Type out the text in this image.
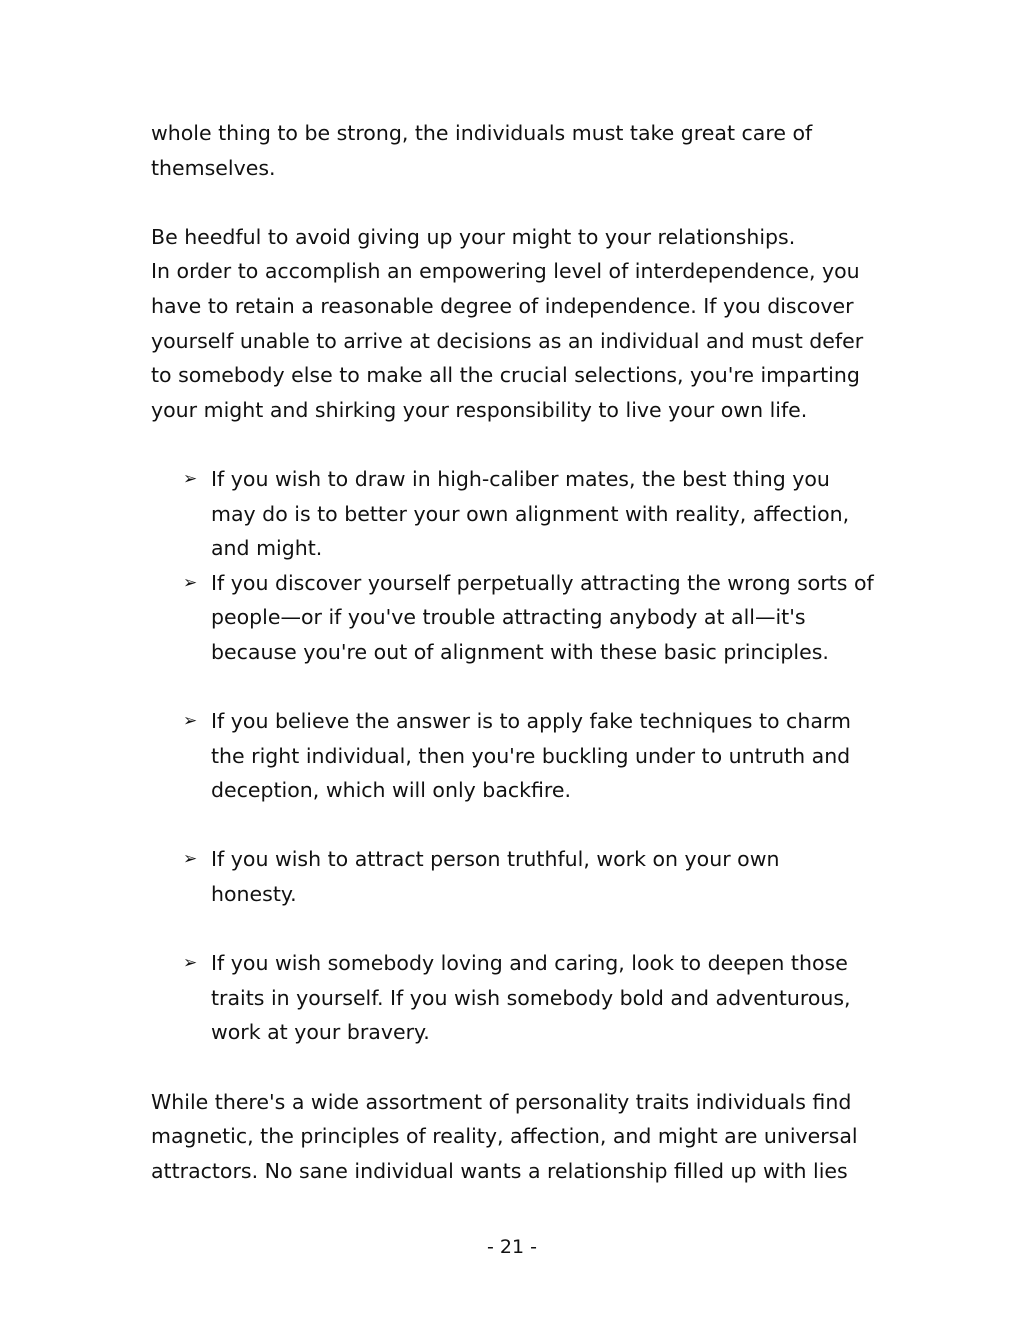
whole thing to be strong, the individuals must take great care of
themselves.

Be heedful to avoid giving up your might to your relationships.
In order to accomplish an empowering level of interdependence, you
have to retain a reasonable degree of independence. If you discover
yourself unable to arrive at decisions as an individual and must defer
to somebody else to make all the crucial selections, you're imparting
your might and shirking your responsibility to live your own life.

➢ If you wish to draw in high-caliber mates, the best thing you
may do is to better your own alignment with reality, affection,
and might.
➢ If you discover yourself perpetually attracting the wrong sorts of
people—or if you've trouble attracting anybody at all—it's
because you're out of alignment with these basic principles.
➢ If you believe the answer is to apply fake techniques to charm
the right individual, then you're buckling under to untruth and
deception, which will only backfire.
➢ If you wish to attract person truthful, work on your own
honesty.
➢ If you wish somebody loving and caring, look to deepen those
traits in yourself. If you wish somebody bold and adventurous,
work at your bravery.

While there's a wide assortment of personality traits individuals find
magnetic, the principles of reality, affection, and might are universal
attractors. No sane individual wants a relationship filled up with lies

- 21 -
